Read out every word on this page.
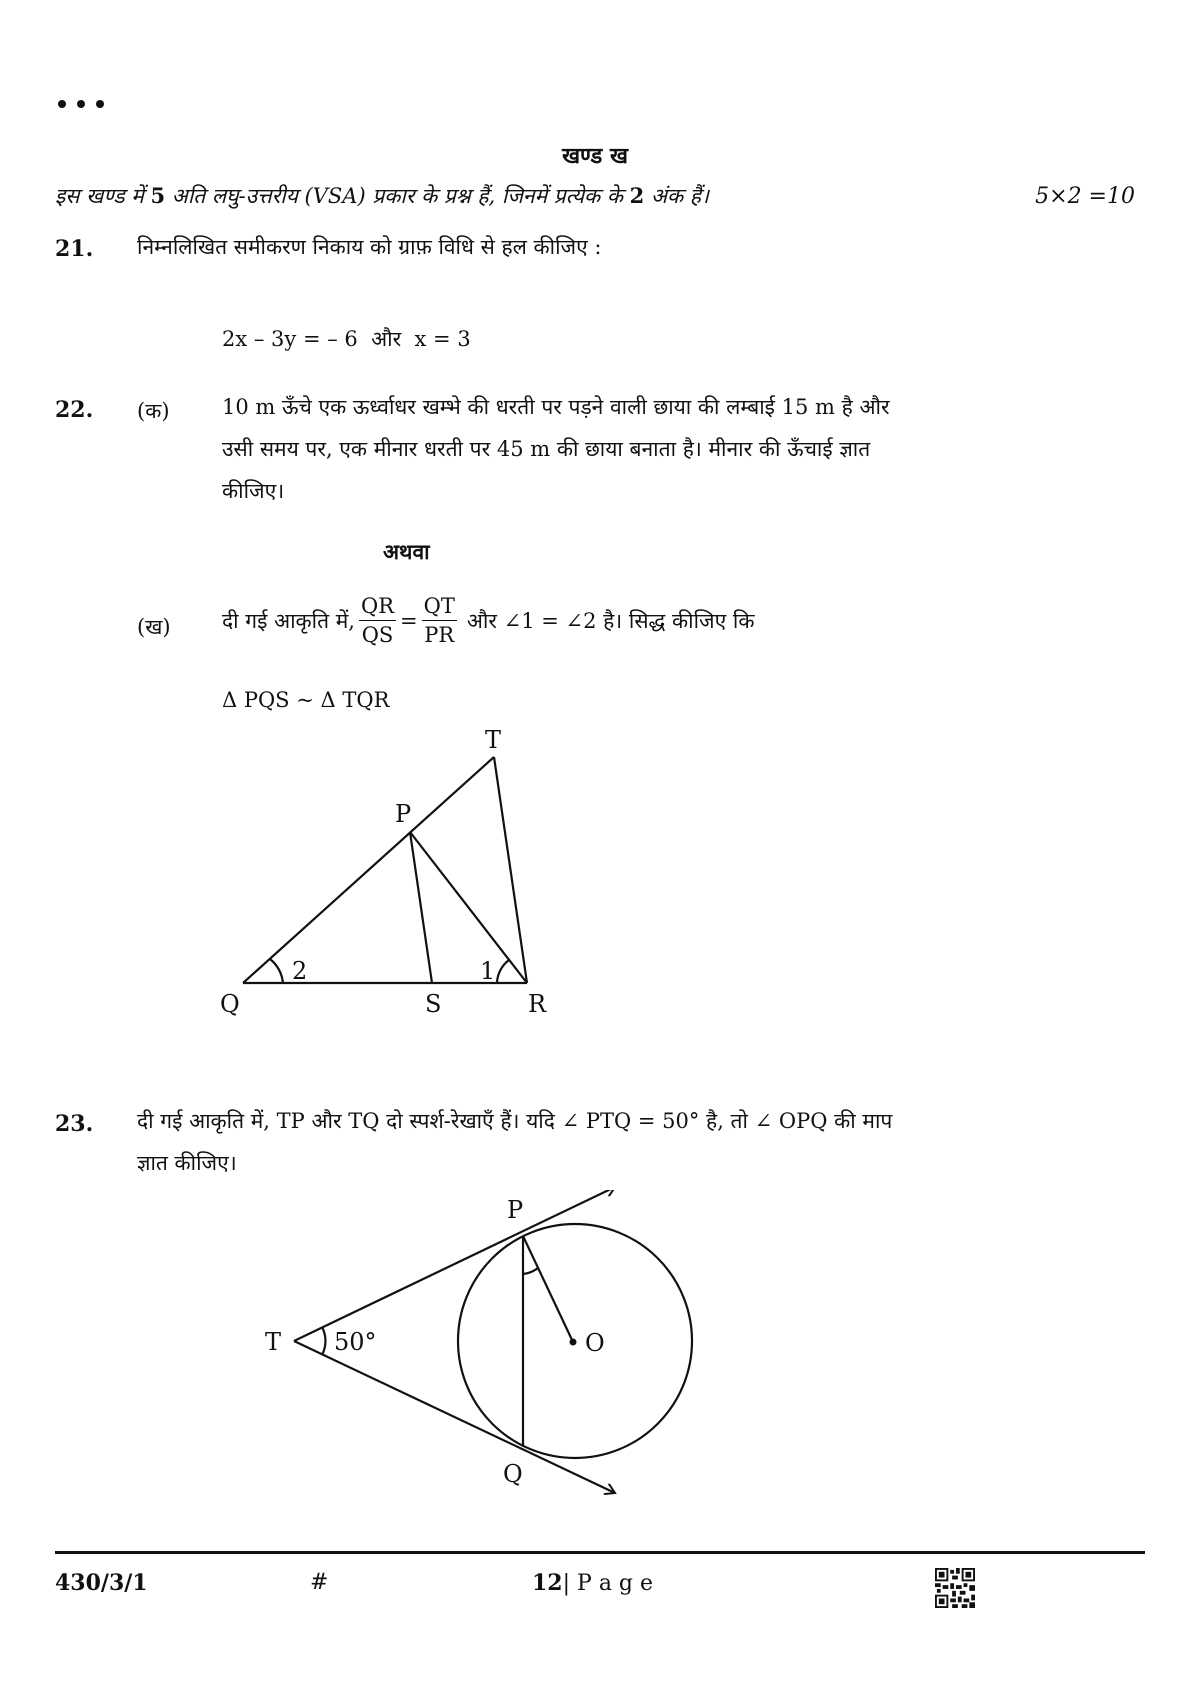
खण्ड ख
इस खण्ड में 5 अति लघु-उत्तरीय (VSA) प्रकार के प्रश्न हैं, जिनमें प्रत्येक के 2 अंक हैं।	5×2 =10
21. निम्नलिखित समीकरण निकाय को ग्राफ़ विधि से हल कीजिए :
2x – 3y = – 6  और  x = 3
22. (क) 10 m ऊँचे एक ऊर्ध्वाधर खम्भे की धरती पर पड़ने वाली छाया की लम्बाई 15 m है और
उसी समय पर, एक मीनार धरती पर 45 m की छाया बनाता है। मीनार की ऊँचाई ज्ञात
कीजिए।
अथवा
(ख) दी गई आकृति में, $\frac{QR}{QS} = \frac{QT}{PR}$ और ∠1 = ∠2 है। सिद्ध कीजिए कि
Δ PQS ~ Δ TQR
T
P
Q	S	R
2	1
23. दी गई आकृति में, TP और TQ दो स्पर्श-रेखाएँ हैं। यदि ∠ PTQ = 50° है, तो ∠ OPQ की माप
ज्ञात कीजिए।
T
P
Q
O
50°
430/3/1	#	12| P a g e
